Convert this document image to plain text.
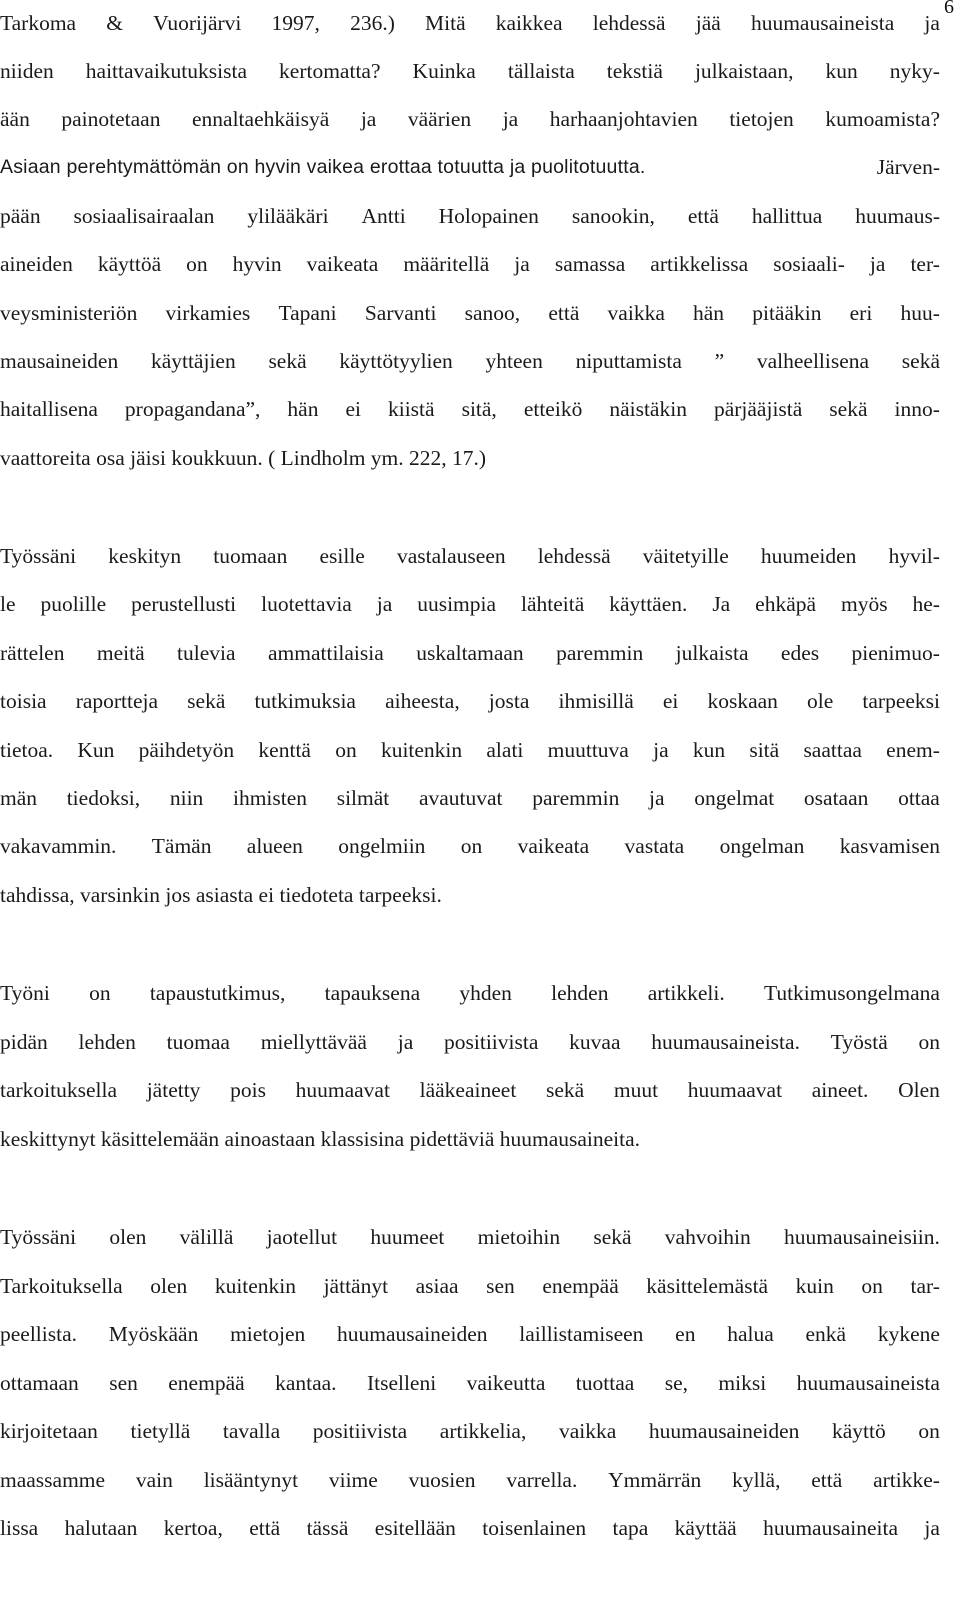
6
Tarkoma & Vuorijärvi 1997, 236.) Mitä kaikkea lehdessä jää huumausaineista ja
niiden haittavaikutuksista kertomatta? Kuinka tällaista tekstiä julkaistaan, kun nyky-
ään painotetaan ennaltaehkäisyä ja väärien ja harhaanjohtavien tietojen kumoamista?
Asiaan perehtymättömän on hyvin vaikea erottaa totuutta ja puolitotuutta.	Järven-
pään sosiaalisairaalan ylilääkäri Antti Holopainen sanookin, että hallittua huumaus-
aineiden käyttöä on hyvin vaikeata määritellä ja samassa artikkelissa sosiaali- ja ter-
veysministeriön virkamies Tapani Sarvanti sanoo, että vaikka hän pitääkin eri huu-
mausaineiden käyttäjien sekä käyttötyylien yhteen niputtamista ” valheellisena sekä
haitallisena propagandana”, hän ei kiistä sitä, etteikö näistäkin pärjääjistä sekä inno-
vaattoreita osa jäisi koukkuun. ( Lindholm ym. 222, 17.)
Työssäni keskityn tuomaan esille vastalauseen lehdessä väitetyille huumeiden hyvil-
le puolille perustellusti luotettavia ja uusimpia lähteitä käyttäen. Ja ehkäpä myös he-
rättelen meitä tulevia ammattilaisia uskaltamaan paremmin julkaista edes pienimuo-
toisia raportteja sekä tutkimuksia aiheesta, josta ihmisillä ei koskaan ole tarpeeksi
tietoa. Kun päihdetyön kenttä on kuitenkin alati muuttuva ja kun sitä saattaa enem-
män tiedoksi, niin ihmisten silmät avautuvat paremmin ja ongelmat osataan ottaa
vakavammin. Tämän alueen ongelmiin on vaikeata vastata ongelman kasvamisen
tahdissa, varsinkin jos asiasta ei tiedoteta tarpeeksi.
Työni on tapaustutkimus, tapauksena yhden lehden artikkeli. Tutkimusongelmana
pidän lehden tuomaa miellyttävää ja positiivista kuvaa huumausaineista. Työstä on
tarkoituksella jätetty pois huumaavat lääkeaineet sekä muut huumaavat aineet. Olen
keskittynyt käsittelemään ainoastaan klassisina pidettäviä huumausaineita.
Työssäni olen välillä jaotellut huumeet mietoihin sekä vahvoihin huumausaineisiin.
Tarkoituksella olen kuitenkin jättänyt asiaa sen enempää käsittelemästä kuin on tar-
peellista. Myöskään mietojen huumausaineiden laillistamiseen en halua enkä kykene
ottamaan sen enempää kantaa. Itselleni vaikeutta tuottaa se, miksi huumausaineista
kirjoitetaan tietyllä tavalla positiivista artikkelia, vaikka huumausaineiden käyttö on
maassamme vain lisääntynyt viime vuosien varrella. Ymmärrän kyllä, että artikke-
lissa halutaan kertoa, että tässä esitellään toisenlainen tapa käyttää huumausaineita ja
